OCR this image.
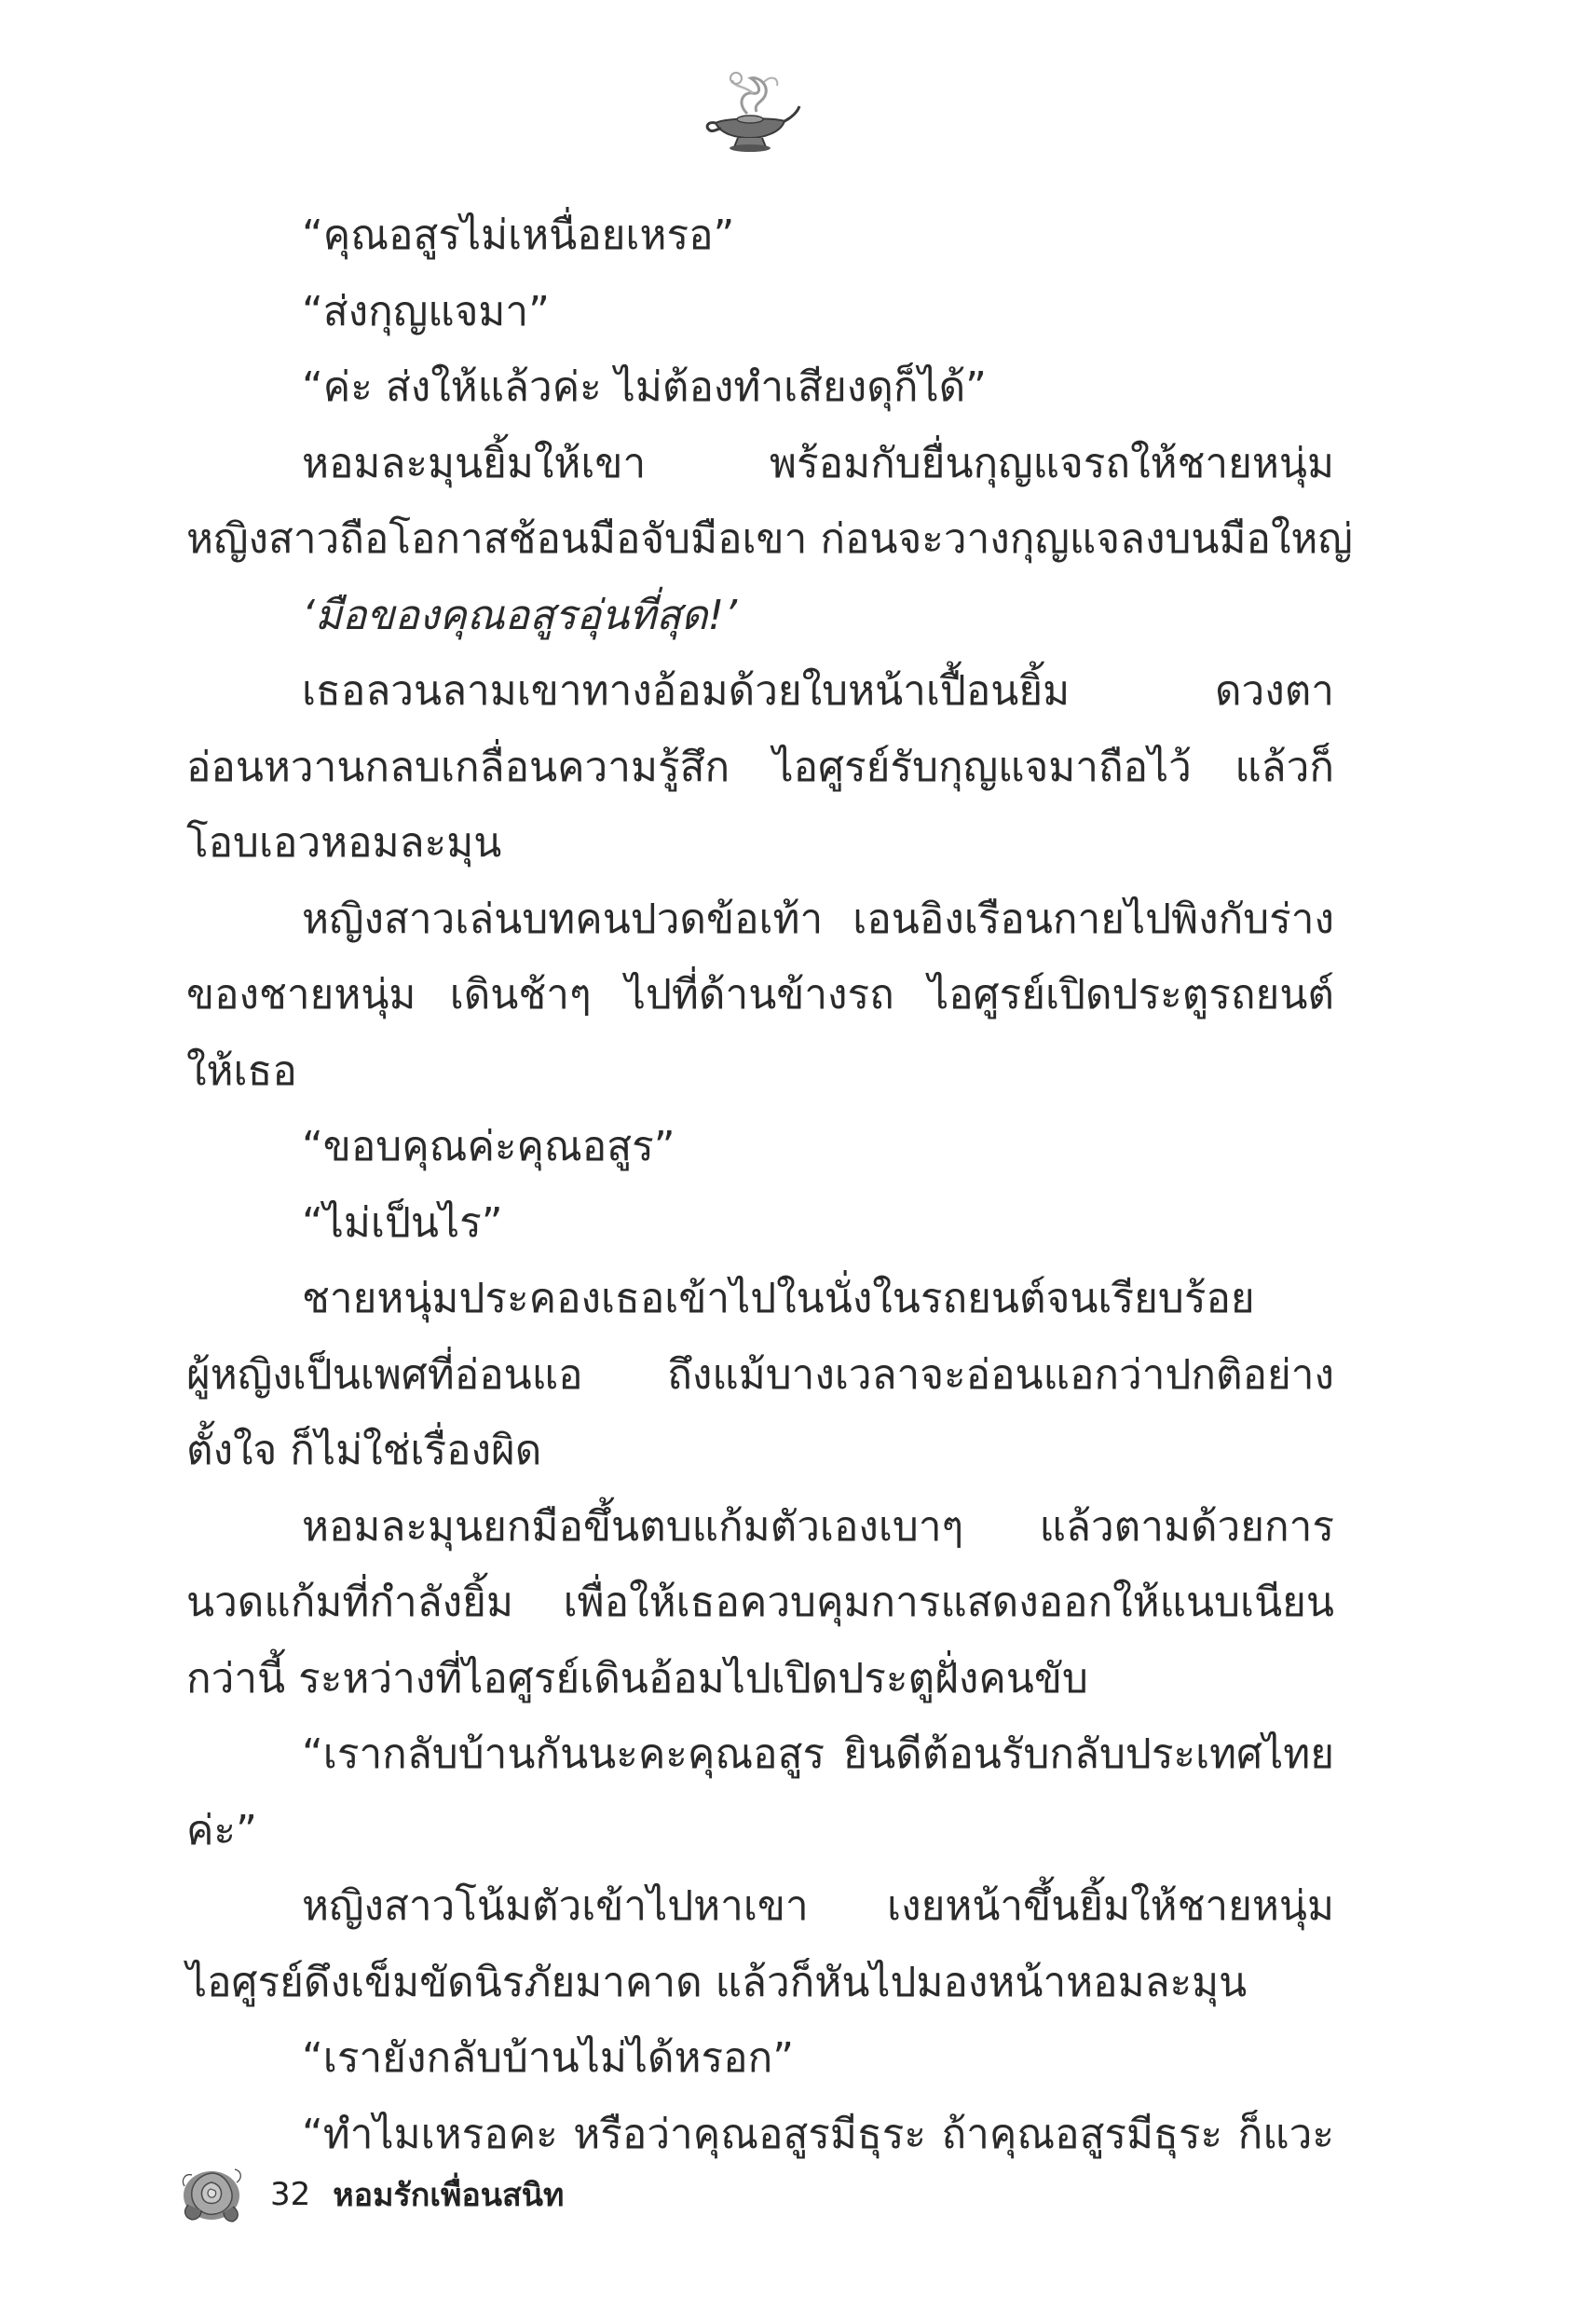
“คุณอสูรไม่เหนื่อยเหรอ”
“ส่งกุญแจมา”
“ค่ะ ส่งให้แล้วค่ะ ไม่ต้องทำเสียงดุก็ได้”
หอมละมุนยิ้มให้เขา พร้อมกับยื่นกุญแจรถให้ชายหนุ่ม
หญิงสาวถือโอกาสช้อนมือจับมือเขา ก่อนจะวางกุญแจลงบนมือใหญ่
‘มือของคุณอสูรอุ่นที่สุด!’
เธอลวนลามเขาทางอ้อมด้วยใบหน้าเปื้อนยิ้ม ดวงตา
อ่อนหวานกลบเกลื่อนความรู้สึก ไอศูรย์รับกุญแจมาถือไว้ แล้วก็
โอบเอวหอมละมุน
หญิงสาวเล่นบทคนปวดข้อเท้า เอนอิงเรือนกายไปพิงกับร่าง
ของชายหนุ่ม เดินช้าๆ ไปที่ด้านข้างรถ ไอศูรย์เปิดประตูรถยนต์
ให้เธอ
“ขอบคุณค่ะคุณอสูร”
“ไม่เป็นไร”
ชายหนุ่มประคองเธอเข้าไปในนั่งในรถยนต์จนเรียบร้อย
ผู้หญิงเป็นเพศที่อ่อนแอ ถึงแม้บางเวลาจะอ่อนแอกว่าปกติอย่าง
ตั้งใจ ก็ไม่ใช่เรื่องผิด
หอมละมุนยกมือขึ้นตบแก้มตัวเองเบาๆ แล้วตามด้วยการ
นวดแก้มที่กำลังยิ้ม เพื่อให้เธอควบคุมการแสดงออกให้แนบเนียน
กว่านี้ ระหว่างที่ไอศูรย์เดินอ้อมไปเปิดประตูฝั่งคนขับ
“เรากลับบ้านกันนะคะคุณอสูร ยินดีต้อนรับกลับประเทศไทย
ค่ะ”
หญิงสาวโน้มตัวเข้าไปหาเขา เงยหน้าขึ้นยิ้มให้ชายหนุ่ม
ไอศูรย์ดึงเข็มขัดนิรภัยมาคาด แล้วก็หันไปมองหน้าหอมละมุน
“เรายังกลับบ้านไม่ได้หรอก”
“ทำไมเหรอคะ หรือว่าคุณอสูรมีธุระ ถ้าคุณอสูรมีธุระ ก็แวะ
32 หอมรักเพื่อนสนิท
